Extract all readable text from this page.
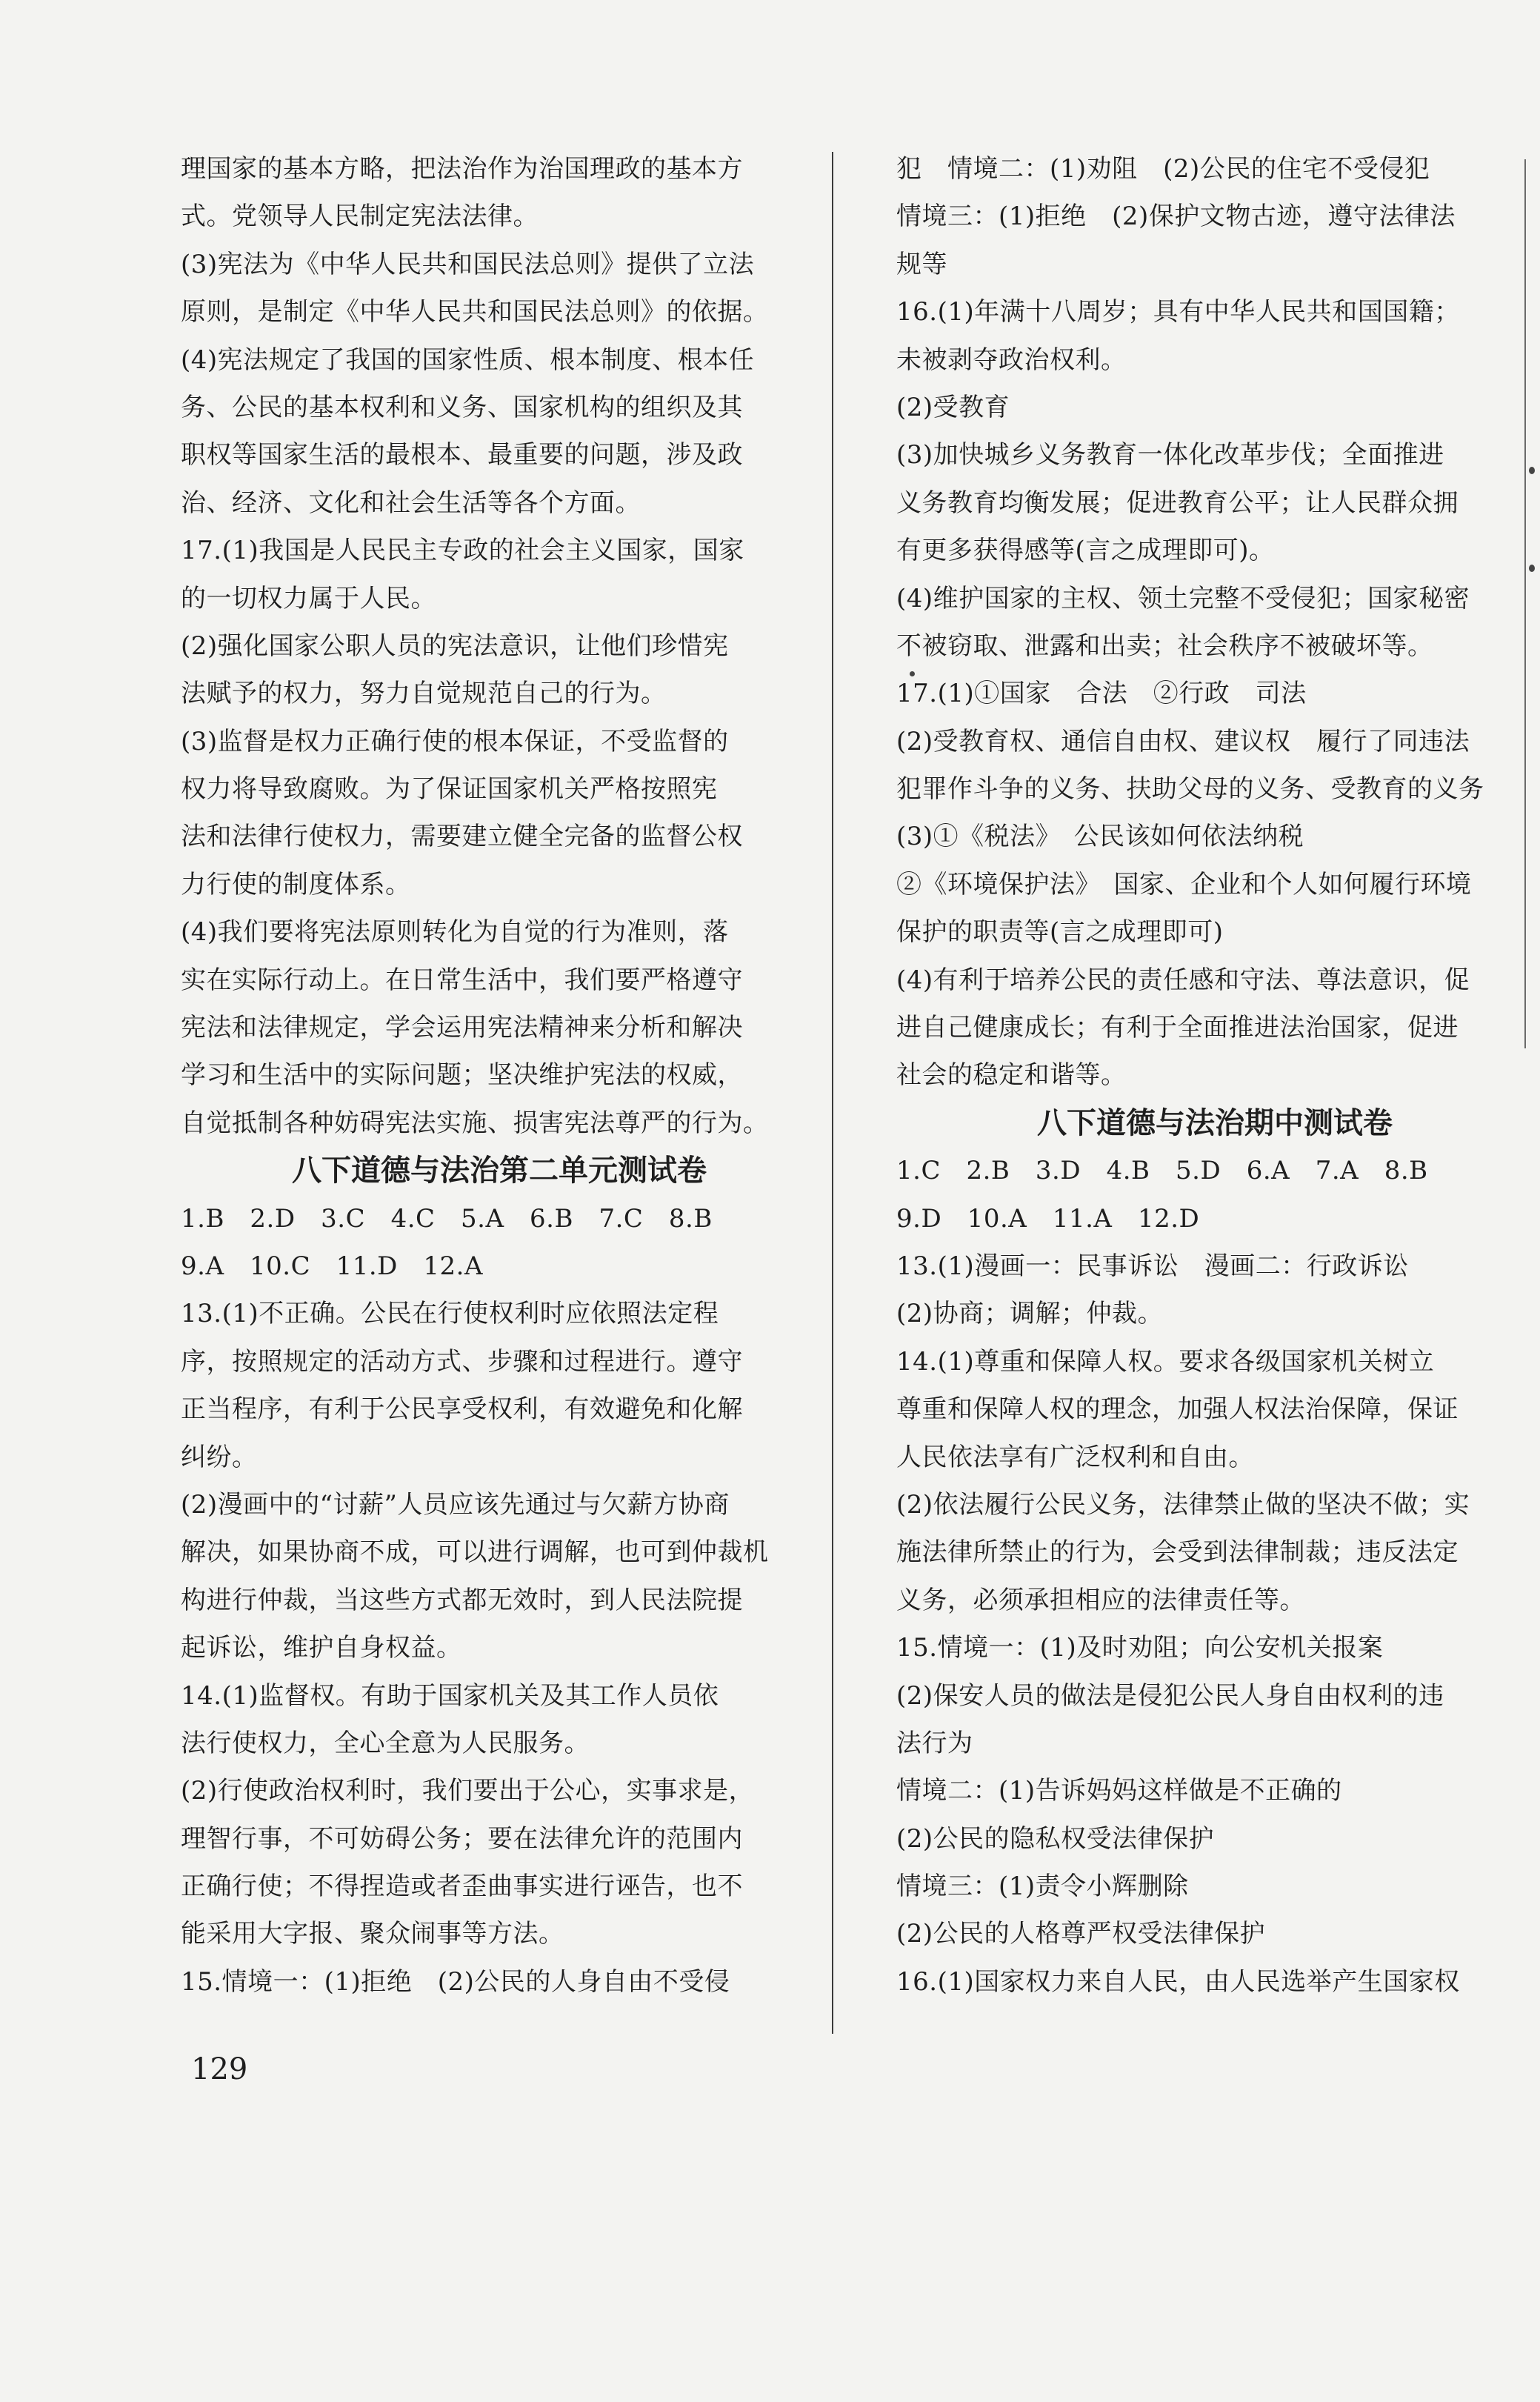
理国家的基本方略，把法治作为治国理政的基本方
式。党领导人民制定宪法法律。
(3)宪法为《中华人民共和国民法总则》提供了立法
原则，是制定《中华人民共和国民法总则》的依据。
(4)宪法规定了我国的国家性质、根本制度、根本任
务、公民的基本权利和义务、国家机构的组织及其
职权等国家生活的最根本、最重要的问题，涉及政
治、经济、文化和社会生活等各个方面。
17.(1)我国是人民民主专政的社会主义国家，国家
的一切权力属于人民。
(2)强化国家公职人员的宪法意识，让他们珍惜宪
法赋予的权力，努力自觉规范自己的行为。
(3)监督是权力正确行使的根本保证，不受监督的
权力将导致腐败。为了保证国家机关严格按照宪
法和法律行使权力，需要建立健全完备的监督公权
力行使的制度体系。
(4)我们要将宪法原则转化为自觉的行为准则，落
实在实际行动上。在日常生活中，我们要严格遵守
宪法和法律规定，学会运用宪法精神来分析和解决
学习和生活中的实际问题；坚决维护宪法的权威，
自觉抵制各种妨碍宪法实施、损害宪法尊严的行为。
八下道德与法治第二单元测试卷
1.B　2.D　3.C　4.C　5.A　6.B　7.C　8.B
9.A　10.C　11.D　12.A
13.(1)不正确。公民在行使权利时应依照法定程
序，按照规定的活动方式、步骤和过程进行。遵守
正当程序，有利于公民享受权利，有效避免和化解
纠纷。
(2)漫画中的“讨薪”人员应该先通过与欠薪方协商
解决，如果协商不成，可以进行调解，也可到仲裁机
构进行仲裁，当这些方式都无效时，到人民法院提
起诉讼，维护自身权益。
14.(1)监督权。有助于国家机关及其工作人员依
法行使权力，全心全意为人民服务。
(2)行使政治权利时，我们要出于公心，实事求是，
理智行事，不可妨碍公务；要在法律允许的范围内
正确行使；不得捏造或者歪曲事实进行诬告，也不
能采用大字报、聚众闹事等方法。
15.情境一：(1)拒绝　(2)公民的人身自由不受侵
犯　情境二：(1)劝阻　(2)公民的住宅不受侵犯
情境三：(1)拒绝　(2)保护文物古迹，遵守法律法
规等
16.(1)年满十八周岁；具有中华人民共和国国籍；
未被剥夺政治权利。
(2)受教育
(3)加快城乡义务教育一体化改革步伐；全面推进
义务教育均衡发展；促进教育公平；让人民群众拥
有更多获得感等(言之成理即可)。
(4)维护国家的主权、领土完整不受侵犯；国家秘密
不被窃取、泄露和出卖；社会秩序不被破坏等。
17.(1)①国家　合法　②行政　司法
(2)受教育权、通信自由权、建议权　履行了同违法
犯罪作斗争的义务、扶助父母的义务、受教育的义务
(3)①《税法》　公民该如何依法纳税
②《环境保护法》　国家、企业和个人如何履行环境
保护的职责等(言之成理即可)
(4)有利于培养公民的责任感和守法、尊法意识，促
进自己健康成长；有利于全面推进法治国家，促进
社会的稳定和谐等。
八下道德与法治期中测试卷
1.C　2.B　3.D　4.B　5.D　6.A　7.A　8.B
9.D　10.A　11.A　12.D
13.(1)漫画一：民事诉讼　漫画二：行政诉讼
(2)协商；调解；仲裁。
14.(1)尊重和保障人权。要求各级国家机关树立
尊重和保障人权的理念，加强人权法治保障，保证
人民依法享有广泛权利和自由。
(2)依法履行公民义务，法律禁止做的坚决不做；实
施法律所禁止的行为，会受到法律制裁；违反法定
义务，必须承担相应的法律责任等。
15.情境一：(1)及时劝阻；向公安机关报案
(2)保安人员的做法是侵犯公民人身自由权利的违
法行为
情境二：(1)告诉妈妈这样做是不正确的
(2)公民的隐私权受法律保护
情境三：(1)责令小辉删除
(2)公民的人格尊严权受法律保护
16.(1)国家权力来自人民，由人民选举产生国家权
129
